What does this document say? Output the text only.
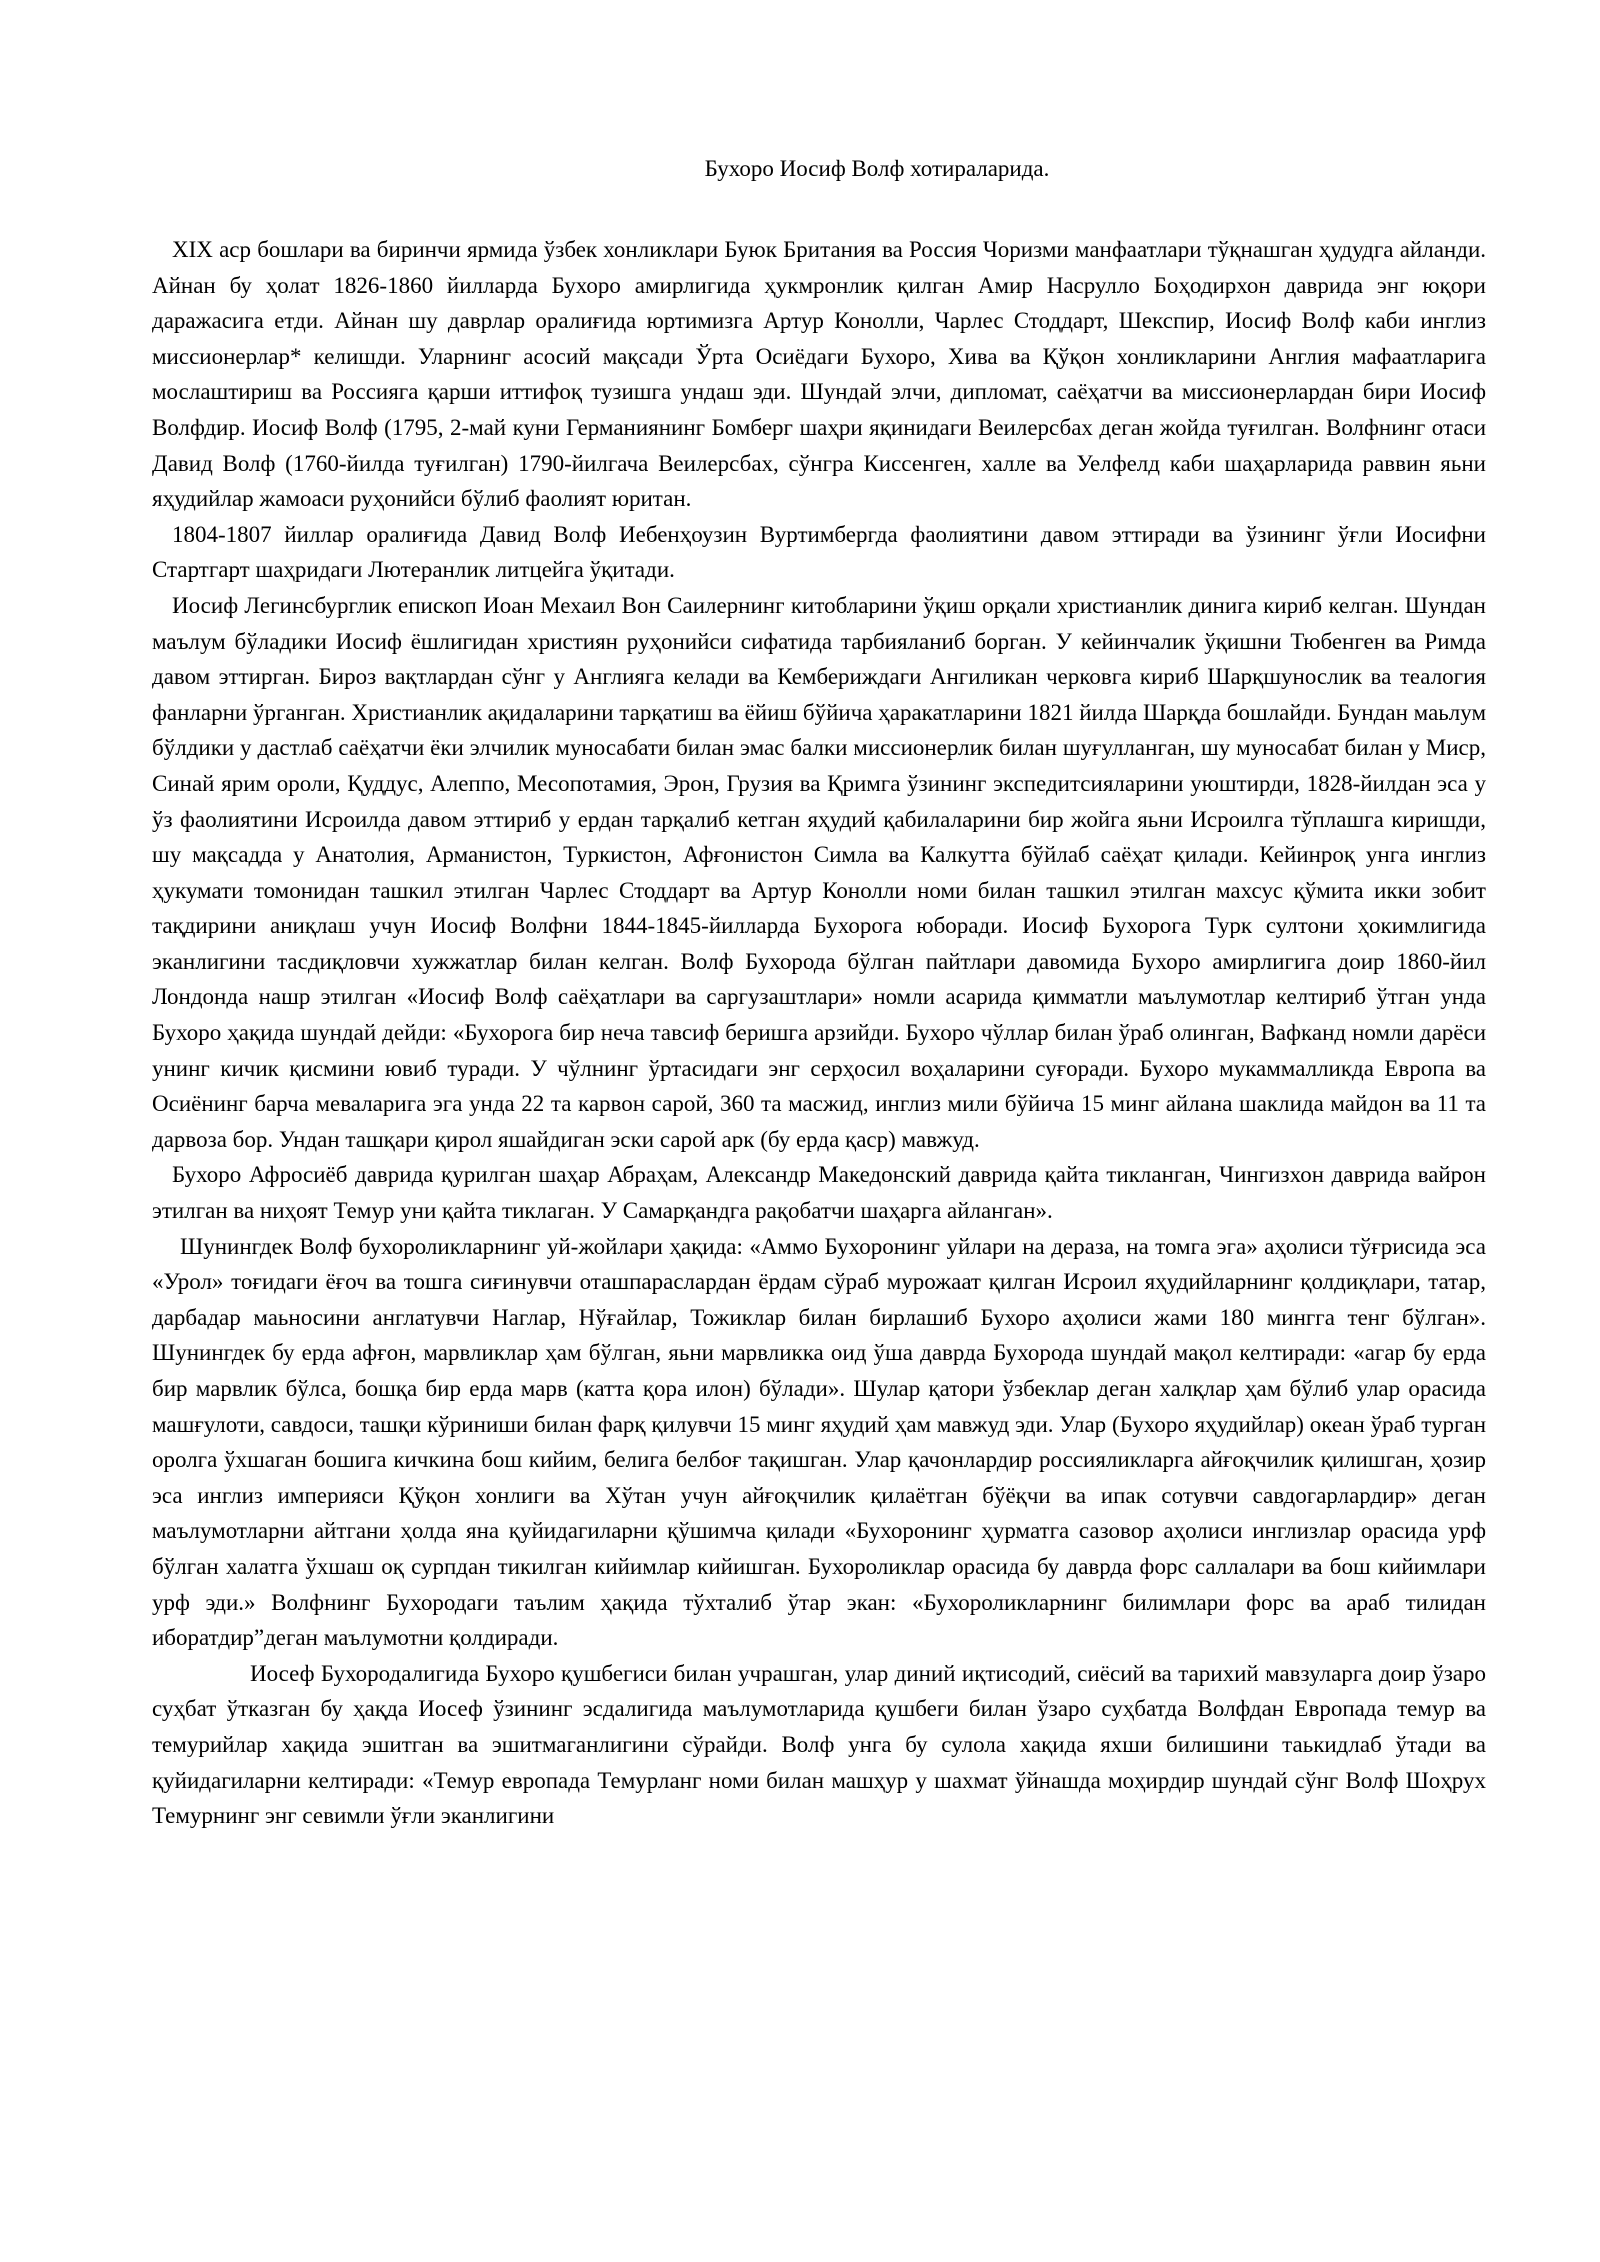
Бухоро Иосиф Волф хотираларида.

XIX аср бошлари ва биринчи ярмида ўзбек хонликлари Буюк Британия ва Россия Чоризми манфаатлари тўқнашган ҳудудга айланди. Айнан бу ҳолат 1826-1860 йилларда Бухоро амирлигида ҳукмронлик қилган Амир Насрулло Боҳодирхон даврида энг юқори даражасига етди. Айнан шу даврлар оралиғида юртимизга Артур Конолли, Чарлес Стоддарт, Шекспир, Иосиф Волф каби инглиз миссионерлар* келишди. Уларнинг асосий мақсади Ўрта Осиёдаги Бухоро, Хива ва Қўқон хонликларини Англия мафаатларига мослаштириш ва Россияга қарши иттифоқ тузишга ундаш эди. Шундай элчи, дипломат, саёҳатчи ва миссионерлардан бири Иосиф Волфдир. Иосиф Волф (1795, 2-май куни Германиянинг Бомберг шаҳри яқинидаги Веилерсбах деган жойда туғилган. Волфнинг отаси Давид Волф (1760-йилда туғилган) 1790-йилгача Веилерсбах, сўнгра Киссенген, халле ва Уелфелд каби шаҳарларида раввин яьни яҳудийлар жамоаси руҳонийси бўлиб фаолият юритан.

1804-1807 йиллар оралиғида Давид Волф Иебенҳоузин Вуртимбергда фаолиятини давом эттиради ва ўзининг ўғли Иосифни Стартгарт шаҳридаги Лютеранлик литцейга ўқитади.

Иосиф Легинсбурглик епископ Иоан Мехаил Вон Саилернинг китобларини ўқиш орқали христианлик динига кириб келган. Шундан маълум бўладики Иосиф ёшлигидан християн руҳонийси сифатида тарбияланиб борган. У кейинчалик ўқишни Тюбенген ва Римда давом эттирган. Бироз вақтлардан сўнг у Англияга келади ва Кембериждаги Ангиликан черковга кириб Шарқшунослик ва теалогия фанларни ўрганган. Христианлик ақидаларини тарқатиш ва ёйиш бўйича ҳаракатларини 1821 йилда Шарқда бошлайди. Бундан маьлум бўлдики у дастлаб саёҳатчи ёки элчилик муносабати билан эмас балки миссионерлик билан шуғулланган, шу муносабат билан у Миср, Синай ярим ороли, Қуддус, Алеппо, Месопотамия, Эрон, Грузия ва Қримга ўзининг экспедитсияларини уюштирди, 1828-йилдан эса у ўз фаолиятини Исроилда давом эттириб у ердан тарқалиб кетган яҳудий қабилаларини бир жойга яьни Исроилга тўплашга киришди, шу мақсадда у Анатолия, Арманистон, Туркистон, Афғонистон Симла ва Калкутта бўйлаб саёҳат қилади. Кейинроқ унга инглиз ҳукумати томонидан ташкил этилган Чарлес Стоддарт ва Артур Конолли номи билан ташкил этилган махсус қўмита икки зобит тақдирини аниқлаш учун Иосиф Волфни 1844-1845-йилларда Бухорога юборади. Иосиф Бухорога Турк султони ҳокимлигида эканлигини тасдиқловчи хужжатлар билан келган. Волф Бухорода бўлган пайтлари давомида Бухоро амирлигига доир 1860-йил Лондонда нашр этилган «Иосиф Волф саёҳатлари ва саргузаштлари» номли асарида қимматли маълумотлар келтириб ўтган унда Бухоро ҳақида шундай дейди: «Бухорога бир неча тавсиф беришга арзийди. Бухоро чўллар билан ўраб олинган, Вафканд номли дарёси унинг кичик қисмини ювиб туради. У чўлнинг ўртасидаги энг серҳосил воҳаларини суғоради. Бухоро мукаммалликда Европа ва Осиёнинг барча меваларига эга унда 22 та карвон сарой, 360 та масжид, инглиз мили бўйича 15 минг айлана шаклида майдон ва 11 та дарвоза бор. Ундан ташқари қирол яшайдиган эски сарой арк (бу ерда қаср) мавжуд.

Бухоро Афросиёб даврида қурилган шаҳар Абраҳам, Александр Македонский даврида қайта тикланган, Чингизхон даврида вайрон этилган ва ниҳоят Темур уни қайта тиклаган. У Самарқандга рақобатчи шаҳарга айланган».

Шунингдек Волф бухороликларнинг уй-жойлари ҳақида: «Аммо Бухоронинг уйлари на деразa, на томга эга» аҳолиси тўғрисида эса «Урол» тоғидаги ёғоч ва тошга сиғинувчи оташпараслардан ёрдам сўраб мурожаат қилган Исроил яҳудийларнинг қолдиқлари, татар, дарбадар маьносини англатувчи Наглар, Нўғайлар, Тожиклар билан бирлашиб Бухоро аҳолиси жами 180 мингга тенг бўлган». Шунингдек бу ерда афғон, марвликлар ҳам бўлган, яьни марвликка оид ўша даврда Бухорода шундай мақол келтиради: «агар бу ерда бир марвлик бўлса, бошқа бир ерда марв (катта қора илон) бўлади». Шулар қатори ўзбеклар деган халқлар ҳам бўлиб улар орасида машғулоти, савдоси, ташқи кўриниши билан фарқ қилувчи 15 минг яҳудий ҳам мавжуд эди. Улар (Бухоро яҳудийлар) океан ўраб турган оролга ўхшаган бошига кичкина бош кийим, белига белбоғ тақишган. Улар қачонлардир россияликларга айғоқчилик қилишган, ҳозир эса инглиз империяси Қўқон хонлиги ва Хўтан учун айғоқчилик қилаётган бўёқчи ва ипак сотувчи савдогарлардир» деган маълумотларни айтгани ҳолда яна қуйидагиларни қўшимча қилади «Бухоронинг ҳурматга сазовор аҳолиси инглизлар орасида урф бўлган халатга ўхшаш оқ сурпдан тикилган кийимлар кийишган. Бухороликлар орасида бу даврда форс саллалари ва бош кийимлари урф эди.» Волфнинг Бухородаги таълим ҳақида тўхталиб ўтар экан: «Бухороликларнинг билимлари форс ва араб тилидан иборатдир”деган маълумотни қолдиради.

Иосеф Бухородалигида Бухоро қушбегиси билан учрашган, улар диний иқтисодий, сиёсий ва тарихий мавзуларга доир ўзаро суҳбат ўтказган бу ҳақда Иосеф ўзининг эсдалигида маълумотларида қушбеги билан ўзаро суҳбатда Волфдан Европада темур ва темурийлар хақида эшитган ва эшитмаганлигини сўрайди. Волф унга бу сулола хақида яхши билишини таькидлаб ўтади ва қуйидагиларни келтиради: «Темур европада Темурланг номи билан машҳур у шахмат ўйнашда моҳирдир шундай сўнг Волф Шоҳрух Темурнинг энг севимли ўғли эканлигини
